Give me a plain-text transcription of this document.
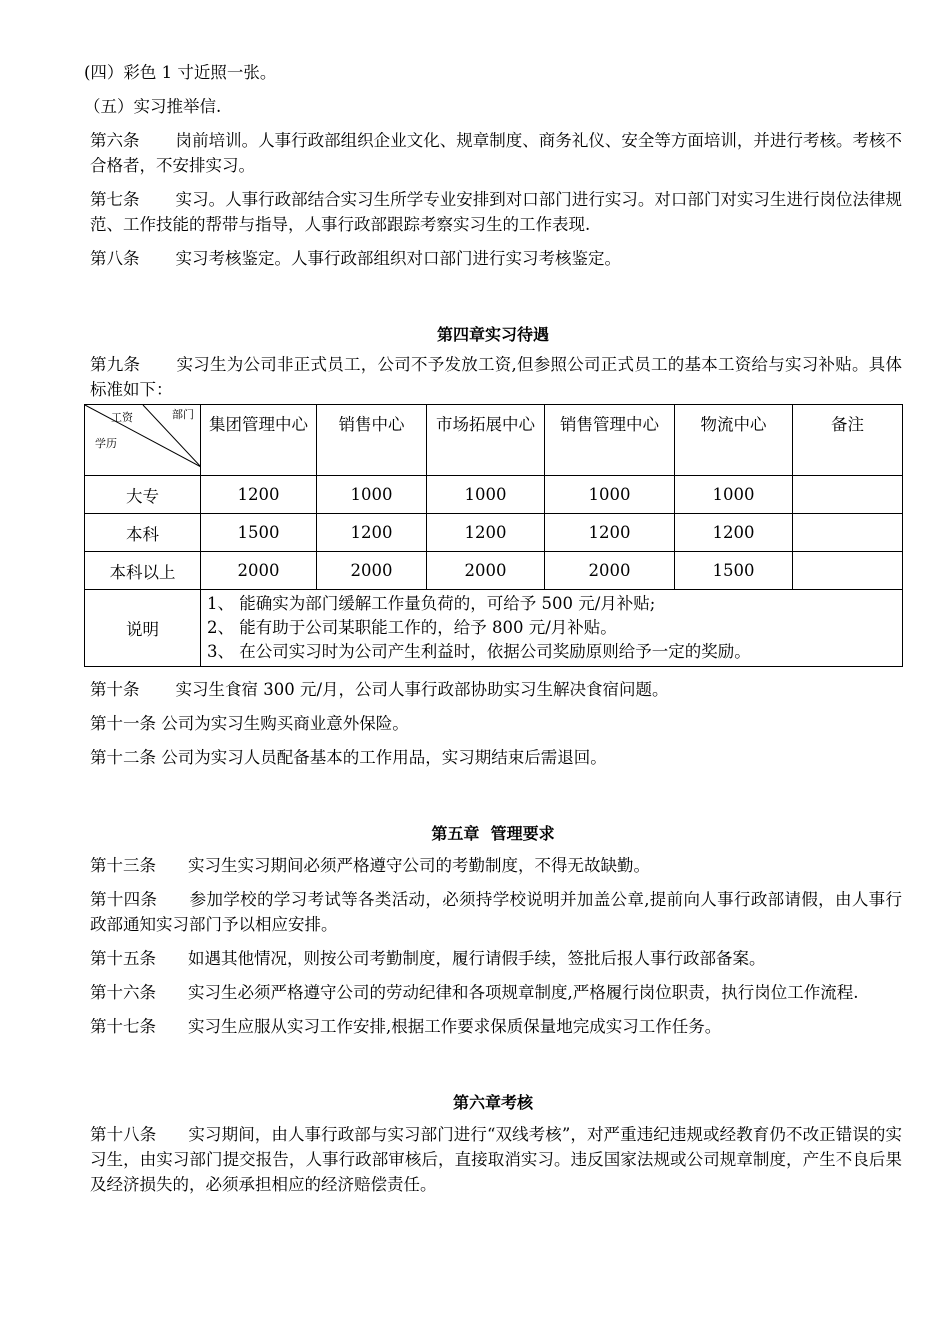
(四）彩色 1 寸近照一张。

（五）实习推举信.

第六条 岗前培训。人事行政部组织企业文化、规章制度、商务礼仪、安全等方面培训，并进行考核。考核不合格者，不安排实习。

第七条 实习。人事行政部结合实习生所学专业安排到对口部门进行实习。对口部门对实习生进行岗位法律规范、工作技能的帮带与指导，人事行政部跟踪考察实习生的工作表现.

第八条 实习考核鉴定。人事行政部组织对口部门进行实习考核鉴定。

第四章实习待遇

第九条 实习生为公司非正式员工，公司不予发放工资,但参照公司正式员工的基本工资给与实习补贴。具体标准如下：

工资 部门
学历	集团管理中心	销售中心	市场拓展中心	销售管理中心	物流中心	备注
大专	1200	1000	1000	1000	1000	
本科	1500	1200	1200	1200	1200	
本科以上	2000	2000	2000	2000	1500	
说明	1、 能确实为部门缓解工作量负荷的，可给予 500 元/月补贴;
2、 能有助于公司某职能工作的，给予 800 元/月补贴。
3、 在公司实习时为公司产生利益时，依据公司奖励原则给予一定的奖励。					

第十条 实习生食宿 300 元/月，公司人事行政部协助实习生解决食宿问题。

第十一条 公司为实习生购买商业意外保险。

第十二条 公司为实习人员配备基本的工作用品，实习期结束后需退回。

第五章  管理要求

第十三条 实习生实习期间必须严格遵守公司的考勤制度，不得无故缺勤。

第十四条 参加学校的学习考试等各类活动，必须持学校说明并加盖公章,提前向人事行政部请假，由人事行政部通知实习部门予以相应安排。

第十五条 如遇其他情况，则按公司考勤制度，履行请假手续，签批后报人事行政部备案。

第十六条 实习生必须严格遵守公司的劳动纪律和各项规章制度,严格履行岗位职责，执行岗位工作流程.

第十七条 实习生应服从实习工作安排,根据工作要求保质保量地完成实习工作任务。

第六章考核

第十八条 实习期间，由人事行政部与实习部门进行“双线考核”，对严重违纪违规或经教育仍不改正错误的实习生，由实习部门提交报告，人事行政部审核后，直接取消实习。违反国家法规或公司规章制度，产生不良后果及经济损失的，必须承担相应的经济赔偿责任。
